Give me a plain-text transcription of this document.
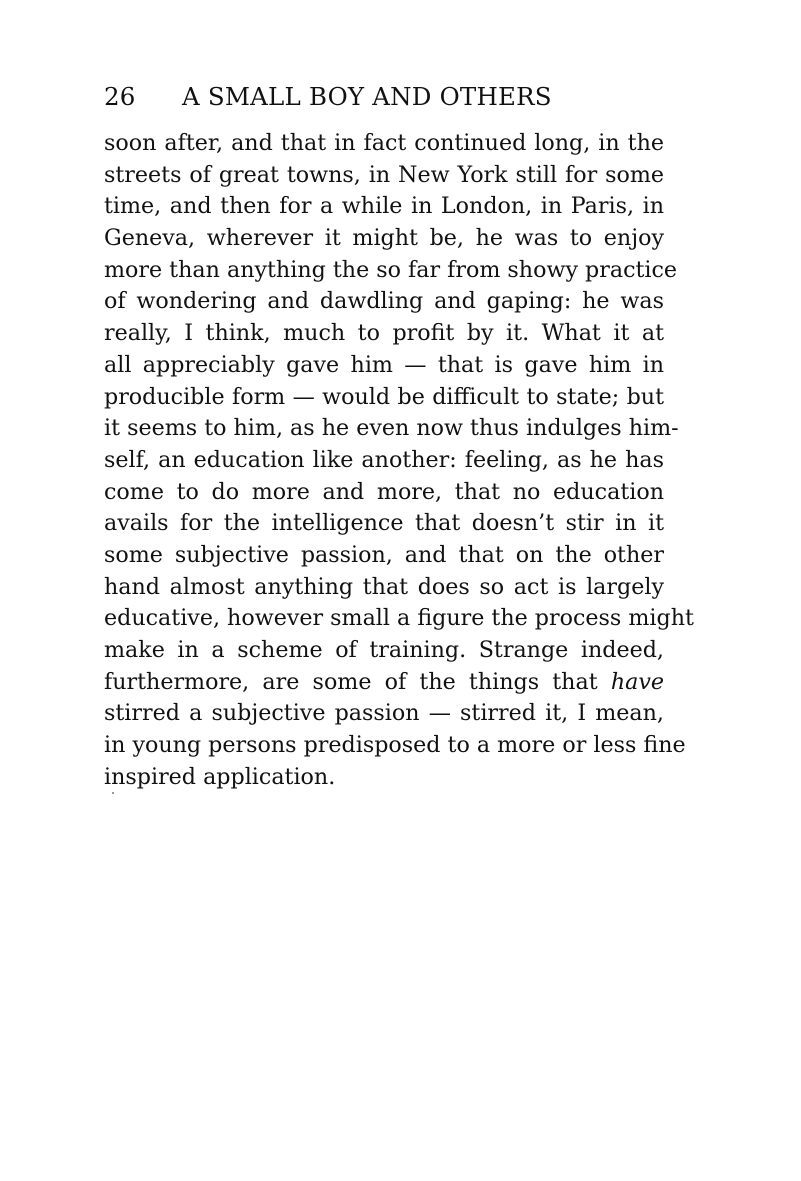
26 A SMALL BOY AND OTHERS
soon after, and that in fact continued long, in the
streets of great towns, in New York still for some
time, and then for a while in London, in Paris, in
Geneva, wherever it might be, he was to enjoy
more than anything the so far from showy practice
of wondering and dawdling and gaping: he was
really, I think, much to profit by it. What it at
all appreciably gave him — that is gave him in
producible form — would be difficult to state; but
it seems to him, as he even now thus indulges him-
self, an education like another: feeling, as he has
come to do more and more, that no education
avails for the intelligence that doesn’t stir in it
some subjective passion, and that on the other
hand almost anything that does so act is largely
educative, however small a figure the process might
make in a scheme of training. Strange indeed,
furthermore, are some of the things that have
stirred a subjective passion — stirred it, I mean,
in young persons predisposed to a more or less fine
inspired application.
